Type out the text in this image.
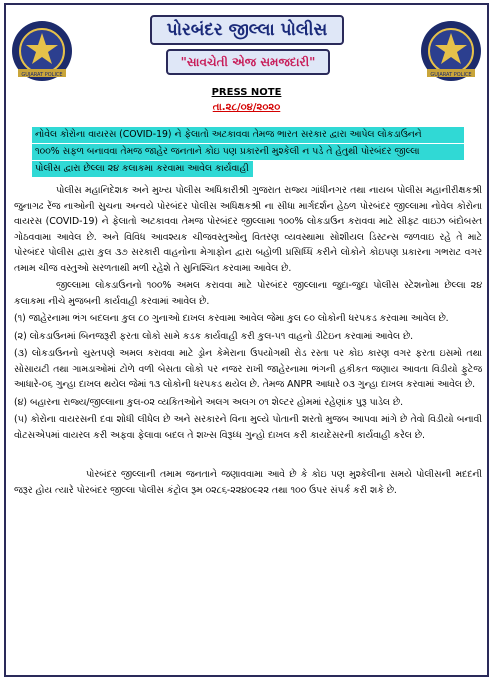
GUJARAT POLICE
પોરબંદર જીલ્લા પોલીસ
"સાવચેતી એજ સમજદારી"
GUJARAT POLICE
PRESS NOTE
તા.૨૮/૦૪/૨૦૨૦
નોવેલ કોરોના વાયરસ (COVID-19) ને ફેલાતો અટકાવવા તેમજ ભારત સરકાર દ્વારા આપેલ લોકડાઉનને
૧૦૦% સફળ બનાવવા તેમજ જાહેર જનતાને કોઇ પણ પ્રકારની મુશ્કેલી ન પડે તે હેતુથી પોરબંદર જીલ્લા
પોલીસ દ્વારા છેલ્લા ૨૪ કલાકમા કરવામા આવેલ કાર્યવાહી

પોલીસ મહાનિદેશક અને મુખ્ય પોલીસ અધિકારીશ્રી ગુજરાત રાજ્ય ગાંધીનગર તથા નાયબ પોલીસ મહાનીરીક્ષકશ્રી જુનાગઢ રેંજ નાઓની સુચના અન્વયે પોરબંદર પોલીસ અધિક્ષકશ્રી ના સીધા માર્ગદર્શન હેઠળ પોરબંદર જીલ્લામા નોવેલ કોરોના વાયરસ (COVID-19) ને ફેલાતો અટકાવવા તેમજ પોરબંદર જીલ્લામા ૧૦૦% લોકડાઉન કરાવવા માટે સીફ્ટ વાઇઝ બંદોબસ્ત ગોઠવવામા આવેલ છે. અને વિવિધ આવશ્યક ચીજવસ્તુઓનુ વિતરણ વ્યવસ્થામા સોશીયલ ડિસ્ટન્સ જળવાઇ રહે તે માટે પોરબંદર પોલીસ દ્વારા કુલ ૩૭ સરકારી વાહનોના મેગાફોન દ્વારા બહોળી પ્રસિધ્ધિ કરીને લોકોને કોઇપણ પ્રકારના ગભરાટ વગર તમામ ચીજ વસ્તુઓ સરળતાથી મળી રહેશે તે સુનિશ્ચિત કરવામા આવેલ છે.

જીલ્લામા લોકડાઉનનો ૧૦૦% અમલ કરાવવા માટે પોરબંદર જીલ્લાના જુદા-જુદા પોલીસ સ્ટેશનોમા છેલ્લા ૨૪ કલાકમા નીચે મુજબની કાર્યવાહી કરવામાં આવેલ છે.

(૧) જાહેરનામા ભંગ બદલના કુલ ૮૦ ગુનાઓ દાખલ કરવામા આવેલ જેમા કુલ ૯૦ લોકોની ધરપકડ કરવામા આવેલ છે.

(૨) લોકડાઉનમાં બિનજરૂરી ફરતા લોકો સામે કડક કાર્યવાહી કરી કુલ-૫૧ વાહનો ડીટેઇન કરવામાં આવેલ છે.

(૩) લોકડાઉનનો ચુસ્તપણે અમલ કરાવવા માટે ડ્રોન કેમેરાના ઉપયોગથી રોડ રસ્તા પર કોઇ કારણ વગર ફરતા ઇસમો તથા સોસાયટી તથા ગામડાઓમાં ટોળે વળી બેસતા લોકો પર નજર રાખી જાહેરનામા ભંગની હકીકત જણાય આવતા વિડીયો ફુટેજ આધારે-૦૬ ગુન્હા દાખલ થયેલ જેમાં ૧૩ લોકોની ધરપકડ થયેલ છે. તેમજ ANPR આધારે ૦૩ ગુન્હા દાખલ કરવામાં આવેલ છે.

(૪) બહારના રાજ્ય/જીલ્લાના કુલ-૦૨ વ્યકિતઓને અલગ અલગ ૦૧ શેલ્ટર હોમમાં રહેણાંક પુરૂ પાડેલ છે.

(૫) કોરોના વાયરસની દવા શોધી લીધેલ છે અને સરકારને વિના મુલ્યે પોતાની શરતો મુજબ આપવા માંગે છે તેવો વિડીયો બનાવી વોટસએપમાં વાયરલ કરી અફવા ફેલાવા બદલ તે શખ્સ વિરૂધ્ધ ગુન્હો દાખલ કરી કાયદેસરની કાર્યવાહી કરેલ છે.

પોરબંદર જીલ્લાની તમામ જનતાને જણાવવામા આવે છે કે કોઇ પણ મુશ્કેલીના સમયે પોલીસની મદદની જરૂર હોય ત્યારે પોરબંદર જીલ્લા પોલીસ કંટ્રોલ રૂમ ૦૨૮૬-૨૨૪૦૯૨૨ તથા ૧૦૦ ઉપર સંપર્ક કરી શકે છે.
